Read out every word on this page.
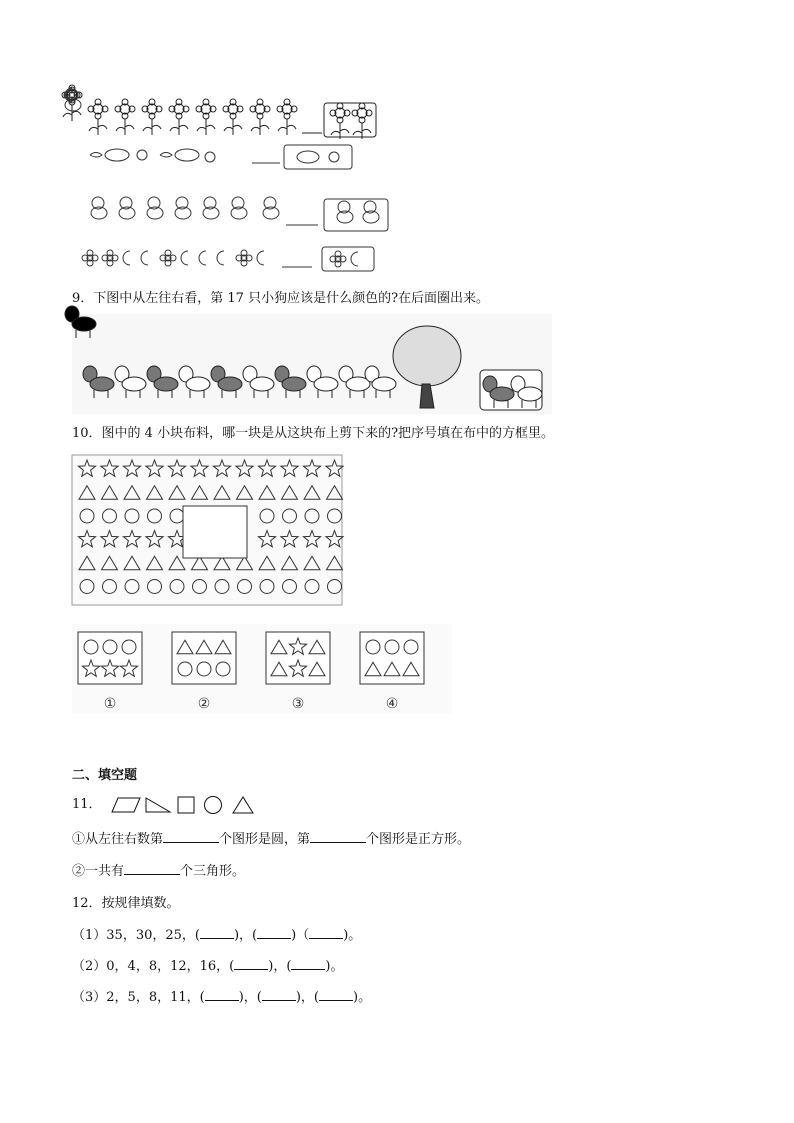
9．下图中从左往右看，第 17 只小狗应该是什么颜色的?在后面圈出来。
10．图中的 4 小块布料，哪一块是从这块布上剪下来的?把序号填在布中的方框里。
①	②	③	④
二、填空题
11．
①从左往右数第	个图形是圆，第	个图形是正方形。
②一共有	个三角形。
12．按规律填数。
（1）35，30，25，(	)，(	)（	)。
（2）0，4，8，12，16，(	)，(	)。
（3）2，5，8，11，(	)，(	)，(	)。
